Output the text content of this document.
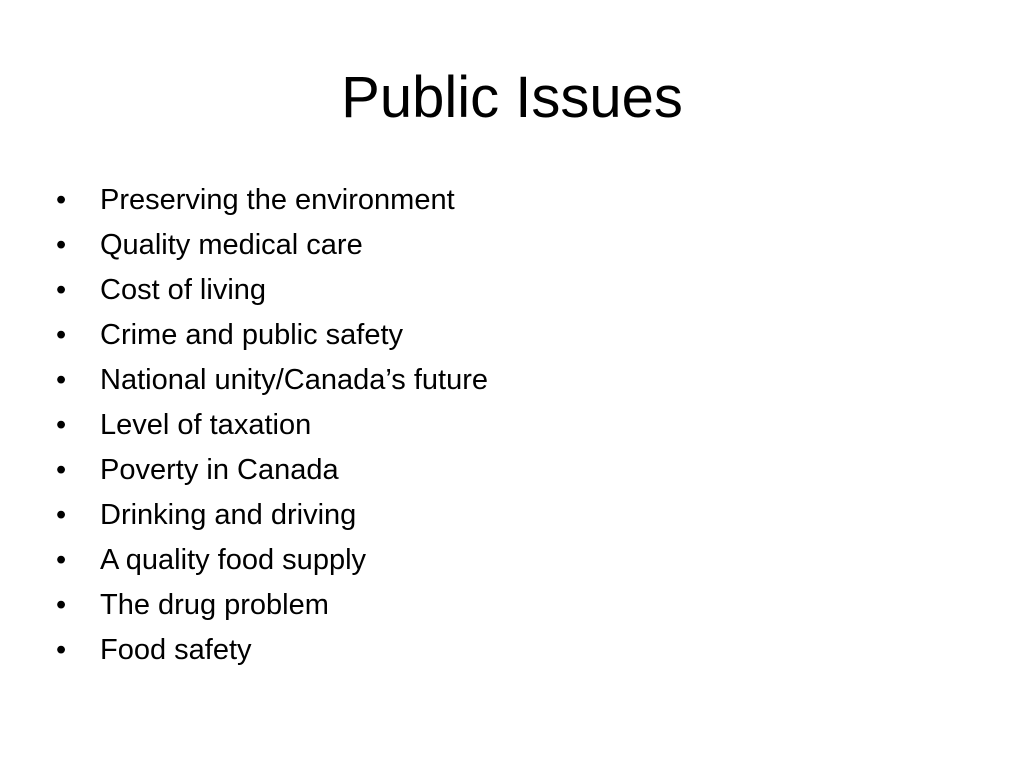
Public Issues
•	Preserving the environment
•	Quality medical care
•	Cost of living
•	Crime and public safety
•	National unity/Canada’s future
•	Level of taxation
•	Poverty in Canada
•	Drinking and driving
•	A quality food supply
•	The drug problem
•	Food safety
